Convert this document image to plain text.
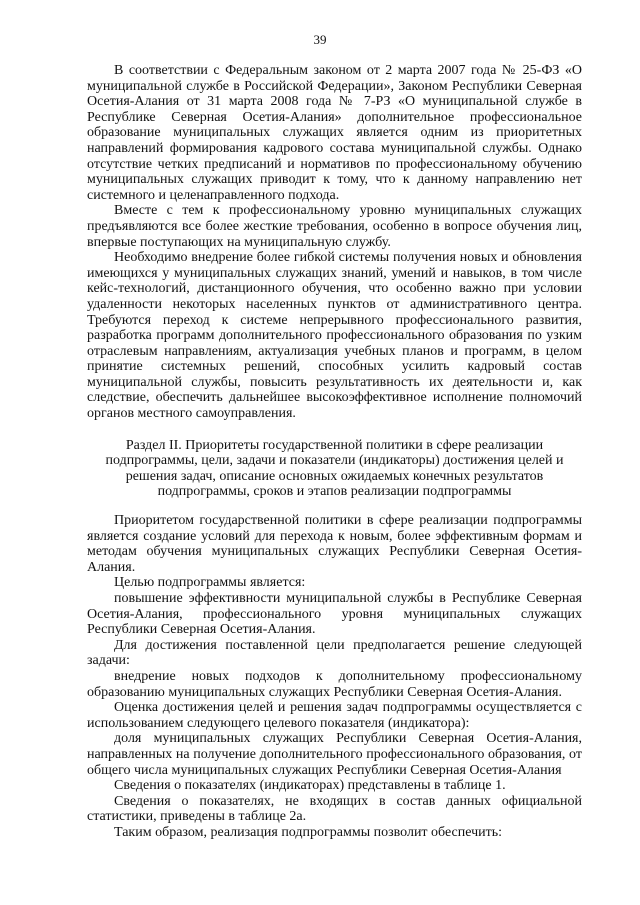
39

В соответствии с Федеральным законом от 2 марта 2007 года № 25-ФЗ «О муниципальной службе в Российской Федерации», Законом Республики Северная Осетия-Алания от 31 марта 2008 года № 7-РЗ «О муниципальной службе в Республике Северная Осетия-Алания» дополнительное профессиональное образование муниципальных служащих является одним из приоритетных направлений формирования кадрового состава муниципальной службы. Однако отсутствие четких предписаний и нормативов по профессиональному обучению муниципальных служащих приводит к тому, что к данному направлению нет системного и целенаправленного подхода.

Вместе с тем к профессиональному уровню муниципальных служащих предъявляются все более жесткие требования, особенно в вопросе обучения лиц, впервые поступающих на муниципальную службу.

Необходимо внедрение более гибкой системы получения новых и обновления имеющихся у муниципальных служащих знаний, умений и навыков, в том числе кейс-технологий, дистанционного обучения, что особенно важно при условии удаленности некоторых населенных пунктов от административного центра. Требуются переход к системе непрерывного профессионального развития, разработка программ дополнительного профессионального образования по узким отраслевым направлениям, актуализация учебных планов и программ, в целом принятие системных решений, способных усилить кадровый состав муниципальной службы, повысить результативность их деятельности и, как следствие, обеспечить дальнейшее высокоэффективное исполнение полномочий органов местного самоуправления.

Раздел II. Приоритеты государственной политики в сфере реализации
подпрограммы, цели, задачи и показатели (индикаторы) достижения целей и
решения задач, описание основных ожидаемых конечных результатов
подпрограммы, сроков и этапов реализации подпрограммы

Приоритетом государственной политики в сфере реализации подпрограммы является создание условий для перехода к новым, более эффективным формам и методам обучения муниципальных служащих Республики Северная Осетия-Алания.

Целью подпрограммы является:

повышение эффективности муниципальной службы в Республике Северная Осетия-Алания, профессионального уровня муниципальных служащих Республики Северная Осетия-Алания.

Для достижения поставленной цели предполагается решение следующей задачи:

внедрение новых подходов к дополнительному профессиональному образованию муниципальных служащих Республики Северная Осетия-Алания.

Оценка достижения целей и решения задач подпрограммы осуществляется с использованием следующего целевого показателя (индикатора):

доля муниципальных служащих Республики Северная Осетия-Алания, направленных на получение дополнительного профессионального образования, от общего числа муниципальных служащих Республики Северная Осетия-Алания

Сведения о показателях (индикаторах) представлены в таблице 1.

Сведения о показателях, не входящих в состав данных официальной статистики, приведены в таблице 2а.

Таким образом, реализация подпрограммы позволит обеспечить:
